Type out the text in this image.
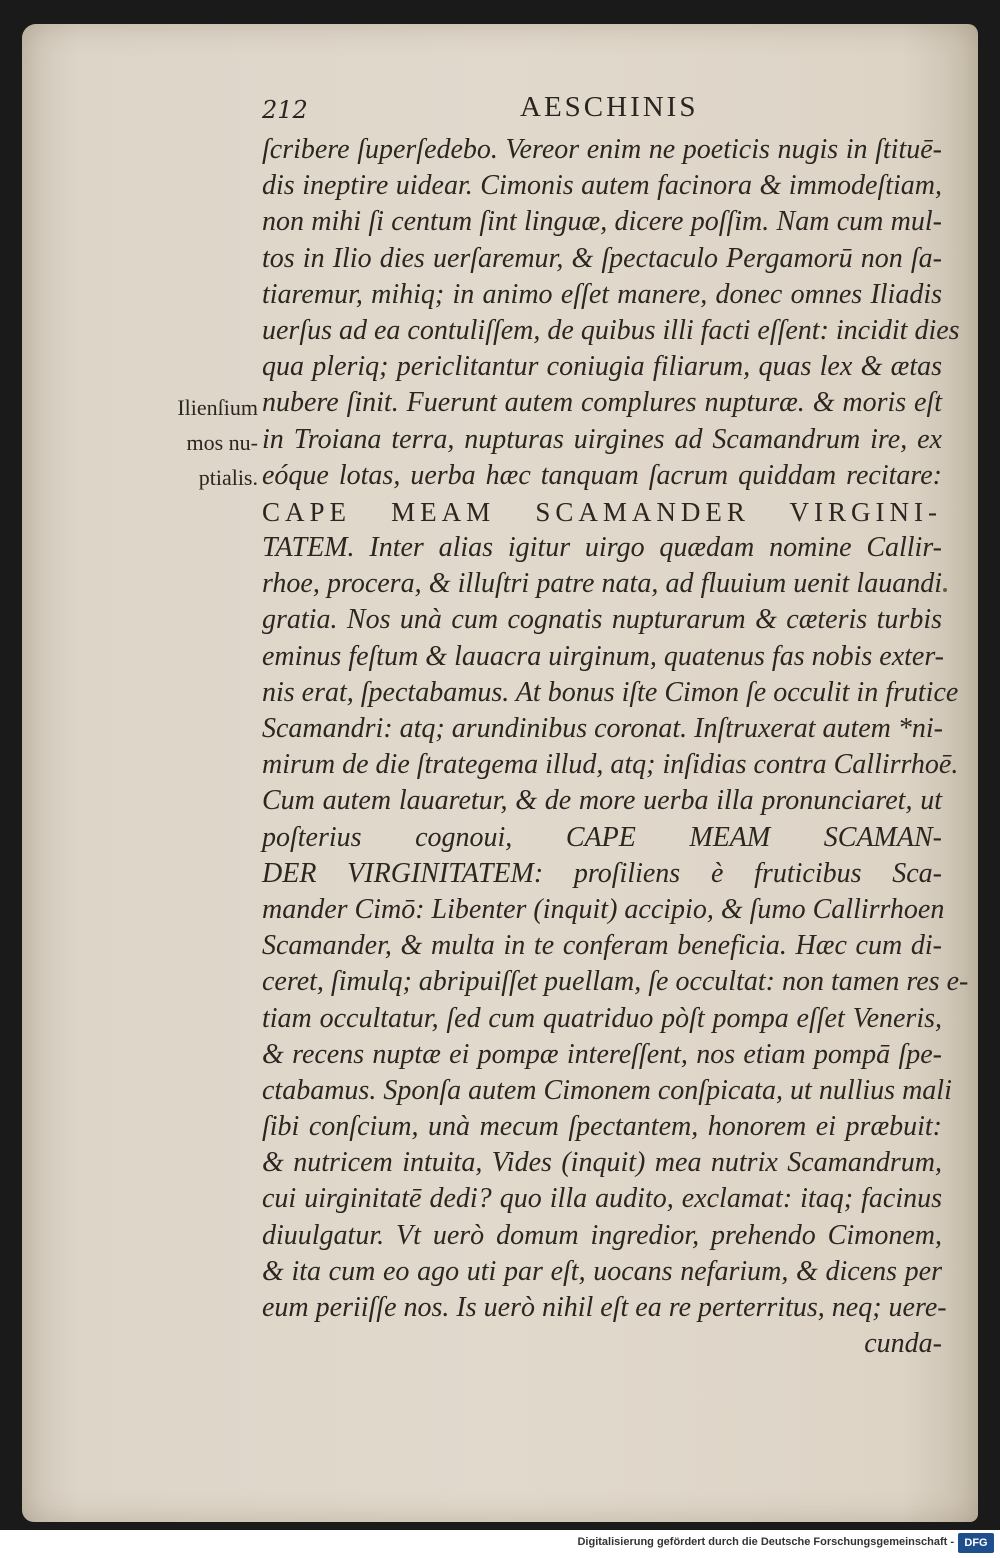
212	AESCHINIS
Ilienſium
mos nu-
ptialis.
ſcribere ſuperſedebo. Vereor enim ne poeticis nugis in ſtituē-
dis ineptire uidear. Cimonis autem facinora & immodeſtiam,
non mihi ſi centum ſint linguæ, dicere poſſim. Nam cum mul-
tos in Ilio dies uerſaremur, & ſpectaculo Pergamorū non ſa-
tiaremur, mihiq; in animo eſſet manere, donec omnes Iliadis
uerſus ad ea contuliſſem, de quibus illi facti eſſent: incidit dies
qua pleriq; periclitantur coniugia filiarum, quas lex & ætas
nubere ſinit. Fuerunt autem complures nupturæ. & moris eſt
in Troiana terra, nupturas uirgines ad Scamandrum ire, ex
eóque lotas, uerba hæc tanquam ſacrum quiddam recitare:
CAPE MEAM SCAMANDER VIRGINI-
TATEM. Inter alias igitur uirgo quædam nomine Callir-
rhoe, procera, & illuſtri patre nata, ad fluuium uenit lauandi
gratia. Nos unà cum cognatis nupturarum & cæteris turbis
eminus feſtum & lauacra uirginum, quatenus fas nobis exter-
nis erat, ſpectabamus. At bonus iſte Cimon ſe occulit in frutice
Scamandri: atq; arundinibus coronat. Inſtruxerat autem *ni-
mirum de die ſtrategema illud, atq; inſidias contra Callirrhoē.
Cum autem lauaretur, & de more uerba illa pronunciaret, ut
poſterius cognoui, CAPE MEAM SCAMAN-
DER VIRGINITATEM: proſiliens è fruticibus Sca-
mander Cimō: Libenter (inquit) accipio, & ſumo Callirrhoen
Scamander, & multa in te conferam beneficia. Hæc cum di-
ceret, ſimulq; abripuiſſet puellam, ſe occultat: non tamen res e-
tiam occultatur, ſed cum quatriduo pòſt pompa eſſet Veneris,
& recens nuptæ ei pompæ intereſſent, nos etiam pompā ſpe-
ctabamus. Sponſa autem Cimonem conſpicata, ut nullius mali
ſibi conſcium, unà mecum ſpectantem, honorem ei præbuit:
& nutricem intuita, Vides (inquit) mea nutrix Scamandrum,
cui uirginitatē dedi? quo illa audito, exclamat: itaq; facinus
diuulgatur. Vt uerò domum ingredior, prehendo Cimonem,
& ita cum eo ago uti par eſt, uocans nefarium, & dicens per
eum periiſſe nos. Is uerò nihil eſt ea re perterritus, neq; uere-
cunda-
Digitalisierung gefördert durch die Deutsche Forschungsgemeinschaft - DFG
